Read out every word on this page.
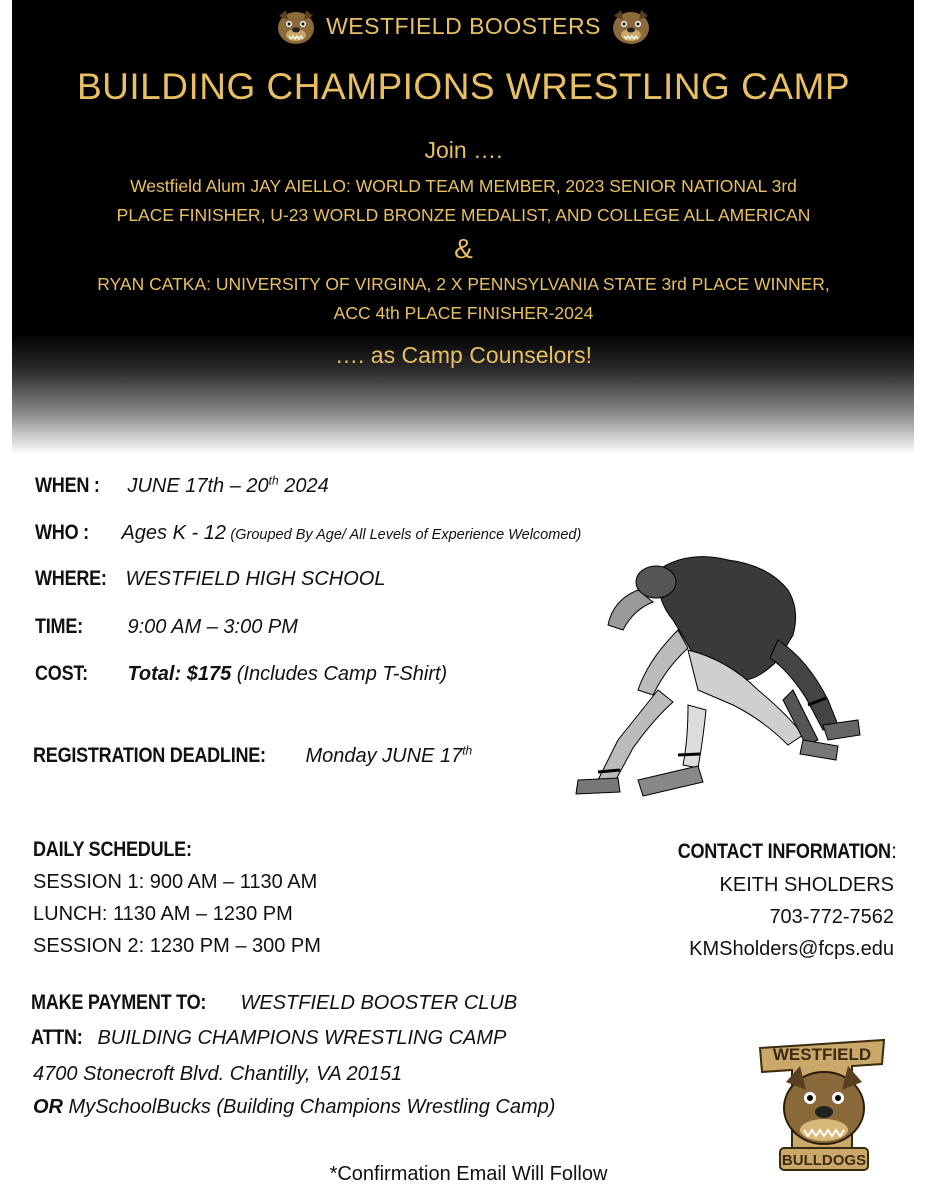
WESTFIELD BOOSTERS
BUILDING CHAMPIONS WRESTLING CAMP
Join ….
Westfield Alum JAY AIELLO: WORLD TEAM MEMBER, 2023 SENIOR NATIONAL 3rd
PLACE FINISHER, U-23 WORLD BRONZE MEDALIST, AND COLLEGE ALL AMERICAN
&
RYAN CATKA: UNIVERSITY OF VIRGINA, 2 X PENNSYLVANIA STATE 3rd PLACE WINNER,
ACC 4th PLACE FINISHER-2024
…. as Camp Counselors!
WHEN : JUNE 17th – 20th 2024
WHO : Ages K - 12 (Grouped By Age/ All Levels of Experience Welcomed)
WHERE: WESTFIELD HIGH SCHOOL
TIME: 9:00 AM – 3:00 PM
COST: Total: $175 (Includes Camp T-Shirt)
REGISTRATION DEADLINE: Monday JUNE 17th
DAILY SCHEDULE:
SESSION 1: 900 AM – 1130 AM
LUNCH: 1130 AM – 1230 PM
SESSION 2: 1230 PM – 300 PM
CONTACT INFORMATION:
KEITH SHOLDERS
703-772-7562
KMSholders@fcps.edu
MAKE PAYMENT TO: WESTFIELD BOOSTER CLUB
ATTN: BUILDING CHAMPIONS WRESTLING CAMP
4700 Stonecroft Blvd. Chantilly, VA 20151
OR MySchoolBucks (Building Champions Wrestling Camp)
WESTFIELD
BULLDOGS
*Confirmation Email Will Follow
